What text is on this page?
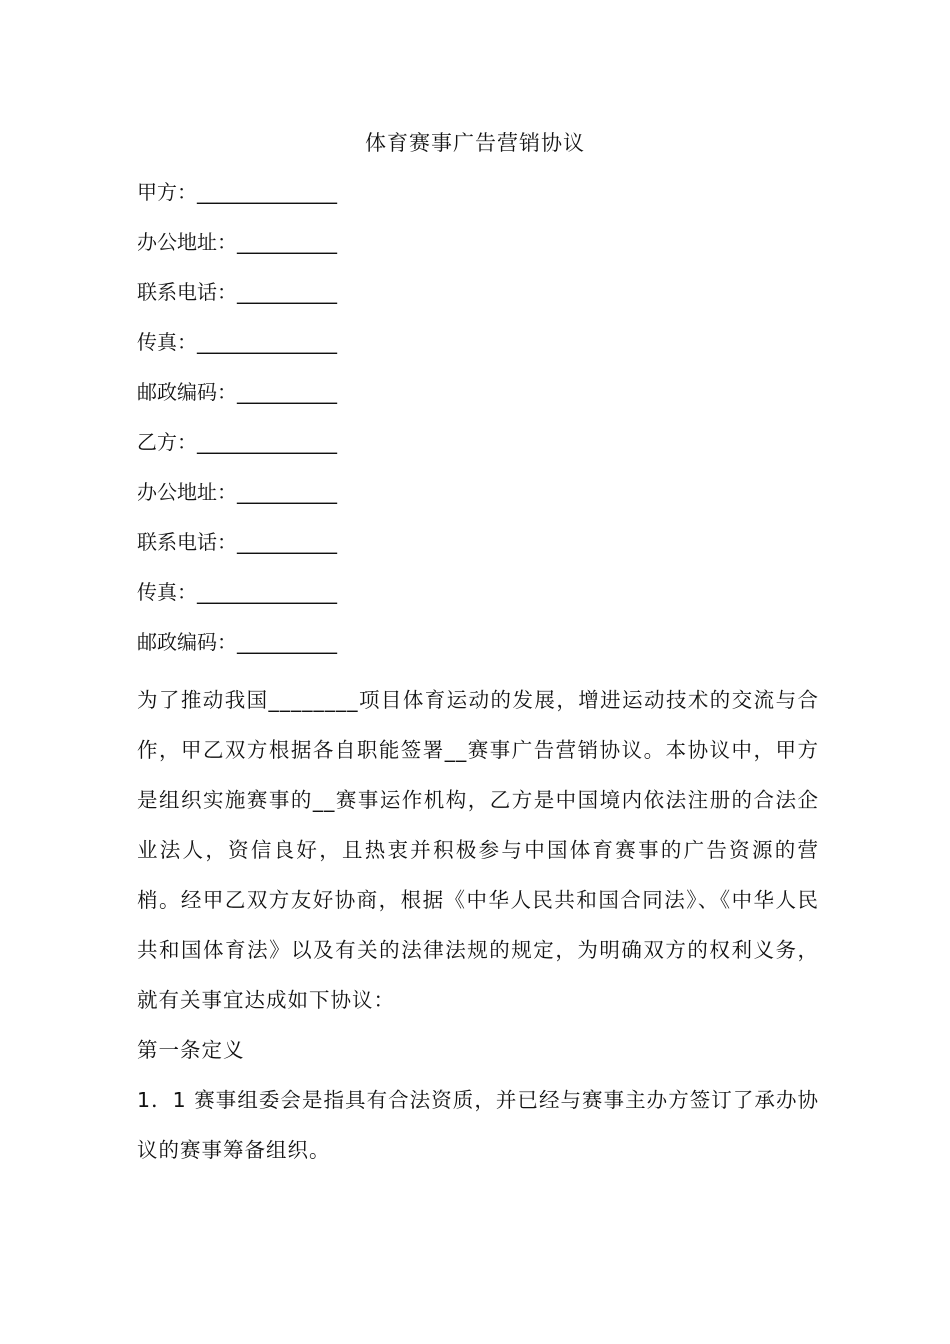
体育赛事广告营销协议
甲方：______________
办公地址：__________
联系电话：__________
传真：______________
邮政编码：__________
乙方：______________
办公地址：__________
联系电话：__________
传真：______________
邮政编码：__________

为了推动我国________项目体育运动的发展，增进运动技术的交流与合作，甲乙双方根据各自职能签署__赛事广告营销协议。本协议中，甲方是组织实施赛事的__赛事运作机构，乙方是中国境内依法注册的合法企业法人，资信良好，且热衷并积极参与中国体育赛事的广告资源的营梢。经甲乙双方友好协商，根据《中华人民共和国合同法》、《中华人民共和国体育法》以及有关的法律法规的规定，为明确双方的权利义务，就有关事宜达成如下协议：

第一条定义

1．1 赛事组委会是指具有合法资质，并已经与赛事主办方签订了承办协议的赛事筹备组织。
